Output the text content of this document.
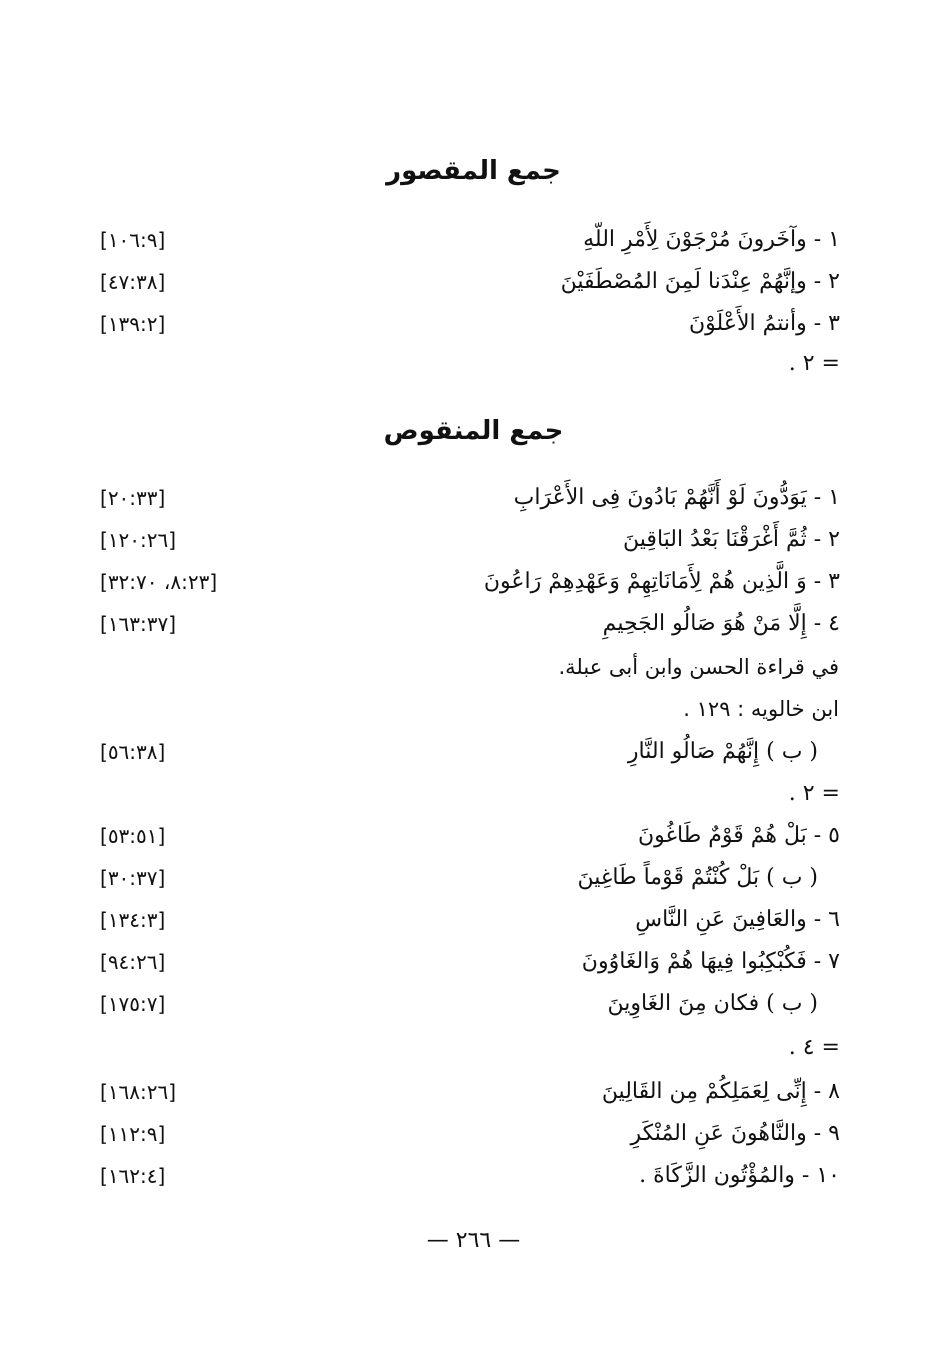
جمع المقصور
١ - وآخَرونَ مُرْجَوْنَ لِأَمْرِ اللّهِ
[١٠٦:٩]
٢ - وإنَّهُمْ عِنْدَنا لَمِنَ المُصْطَفَيْنَ
[٤٧:٣٨]
٣ - وأنتمُ الأَعْلَوْنَ
[١٣٩:٢]
= ٢ .
جمع المنقوص
١ - يَوَدُّونَ لَوْ أَنَّهُمْ بَادُونَ فِى الأَعْرَابِ
[٢٠:٣٣]
٢ - ثُمَّ أَغْرَقْنَا بَعْدُ البَاقِينَ
[١٢٠:٢٦]
٣ - وَ الَّذِين هُمْ لِأَمَانَاتِهِمْ وَعَهْدِهِمْ رَاعُونَ
[٨:٢٣، ٣٢:٧٠]
٤ - إِلَّا مَنْ هُوَ صَالُو الجَحِيمِ
[١٦٣:٣٧]
في قراءة الحسن وابن أبى عبلة.
ابن خالويه : ١٢٩ .
( ب ) إِنَّهُمْ صَالُو النَّارِ
[٥٦:٣٨]
= ٢ .
٥ - بَلْ هُمْ قَوْمٌ طَاغُونَ
[٥٣:٥١]
( ب ) بَلْ كُنْتُمْ قَوْماً طَاغِينَ
[٣٠:٣٧]
٦ - والعَافِينَ عَنِ النَّاسِ
[١٣٤:٣]
٧ - فَكُبْكِبُوا فِيهَا هُمْ وَالغَاوُونَ
[٩٤:٢٦]
( ب ) فكان مِنَ الغَاوِينَ
[١٧٥:٧]
= ٤ .
٨ - إِنِّى لِعَمَلِكُمْ مِن القَالِينَ
[١٦٨:٢٦]
٩ - والنَّاهُونَ عَنِ المُنْكَرِ
[١١٢:٩]
١٠ - والمُؤْتُون الزَّكَاةَ .
[١٦٢:٤]
— ٢٦٦ —
